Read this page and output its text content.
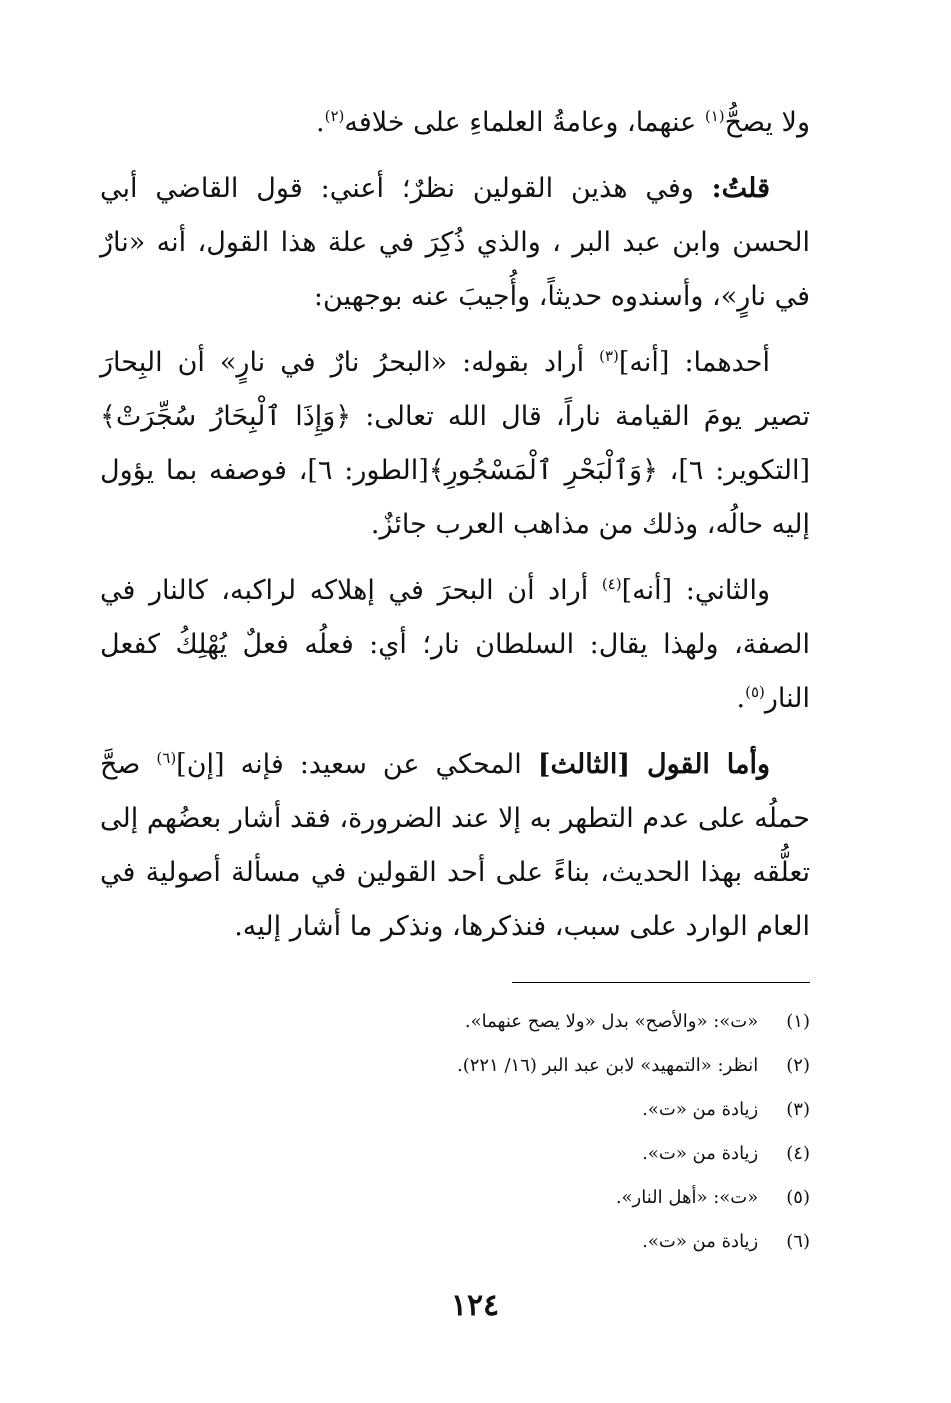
ولا يصحُّ$^{(١)}$ عنهما، وعامةُ العلماءِ على خلافه$^{(٢)}$.

قلتُ: وفي هذين القولين نظرٌ؛ أعني: قول القاضي أبي الحسن وابن عبد البر ، والذي ذُكِرَ في علة هذا القول، أنه «نارٌ في نارٍ»، وأسندوه حديثاً، وأُجيبَ عنه بوجهين:

أحدهما: [أنه]$^{(٣)}$ أراد بقوله: «البحرُ نارٌ في نارٍ» أن البِحارَ تصير يومَ القيامة ناراً، قال الله تعالى: ﴿وَإِذَا ٱلْبِحَارُ سُجِّرَتْ﴾[التكوير: ٦]، ﴿وَٱلْبَحْرِ ٱلْمَسْجُورِ﴾[الطور: ٦]، فوصفه بما يؤول إليه حالُه، وذلك من مذاهب العرب جائزٌ.

والثاني: [أنه]$^{(٤)}$ أراد أن البحرَ في إهلاكه لراكبه، كالنار في الصفة، ولهذا يقال: السلطان نار؛ أي: فعلُه فعلٌ يُهْلِكُ كفعل النار$^{(٥)}$.

وأما القول [الثالث] المحكي عن سعيد: فإنه [إن]$^{(٦)}$ صحَّ حملُه على عدم التطهر به إلا عند الضرورة، فقد أشار بعضُهم إلى تعلُّقه بهذا الحديث، بناءً على أحد القولين في مسألة أصولية في العام الوارد على سبب، فنذكرها، ونذكر ما أشار إليه.

(١) «ت»: «والأصح» بدل «ولا يصح عنهما».
(٢) انظر: «التمهيد» لابن عبد البر (١٦/ ٢٢١).
(٣) زيادة من «ت».
(٤) زيادة من «ت».
(٥) «ت»: «أهل النار».
(٦) زيادة من «ت».
١٢٤
